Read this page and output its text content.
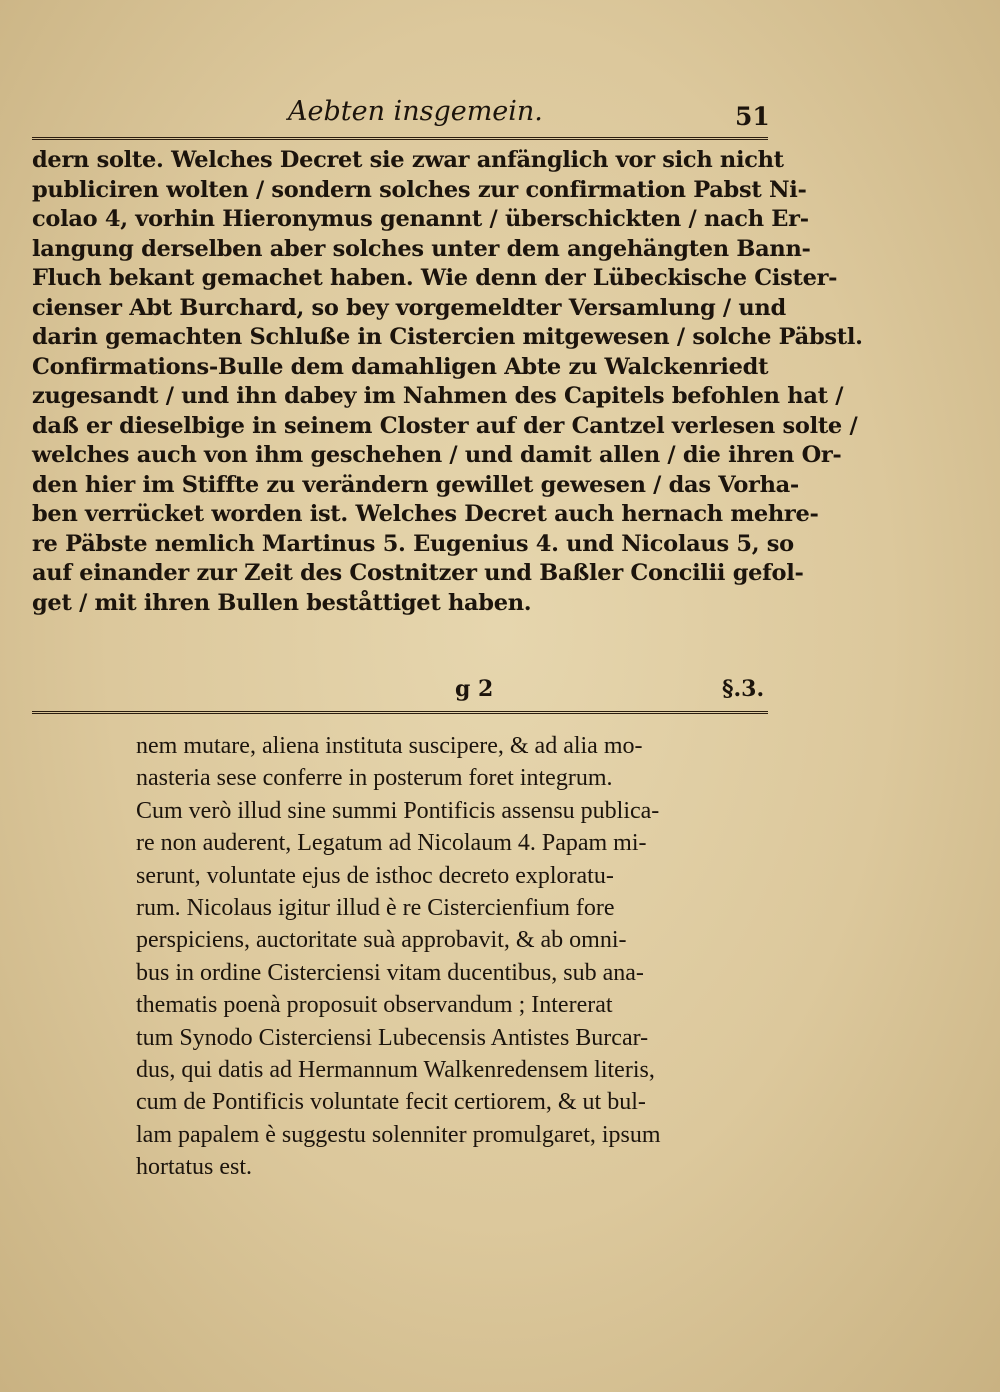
Aebten insgemein.	51
dern solte. Welches Decret sie zwar anfänglich vor sich nicht
publiciren wolten / sondern solches zur confirmation Pabst Ni-
colao 4, vorhin Hieronymus genannt / überschickten / nach Er-
langung derselben aber solches unter dem angehängten Bann-
Fluch bekant gemachet haben. Wie denn der Lübeckische Cister-
cienser Abt Burchard, so bey vorgemeldter Versamlung / und
darin gemachten Schluße in Cistercien mitgewesen / solche Päbstl.
Confirmations-Bulle dem damahligen Abte zu Walckenriedt
zugesandt / und ihn dabey im Nahmen des Capitels befohlen hat /
daß er dieselbige in seinem Closter auf der Cantzel verlesen solte /
welches auch von ihm geschehen / und damit allen / die ihren Or-
den hier im Stiffte zu verändern gewillet gewesen / das Vorha-
ben verrücket worden ist. Welches Decret auch hernach mehre-
re Päbste nemlich Martinus 5. Eugenius 4. und Nicolaus 5, so
auf einander zur Zeit des Costnitzer und Baßler Concilii gefol-
get / mit ihren Bullen beståttiget haben.
g 2	§.3.
nem mutare, aliena instituta suscipere, & ad alia mo-
nasteria sese conferre in posterum foret integrum.
Cum verò illud sine summi Pontificis assensu publica-
re non auderent, Legatum ad Nicolaum 4. Papam mi-
serunt, voluntate ejus de isthoc decreto exploratu-
rum. Nicolaus igitur illud è re Cistercienfium fore
perspiciens, auctoritate suà approbavit, & ab omni-
bus in ordine Cisterciensi vitam ducentibus, sub ana-
thematis poenà proposuit observandum ; Intererat
tum Synodo Cisterciensi Lubecensis Antistes Burcar-
dus, qui datis ad Hermannum Walkenredensem literis,
cum de Pontificis voluntate fecit certiorem, & ut bul-
lam papalem è suggestu solenniter promulgaret, ipsum
hortatus est.
